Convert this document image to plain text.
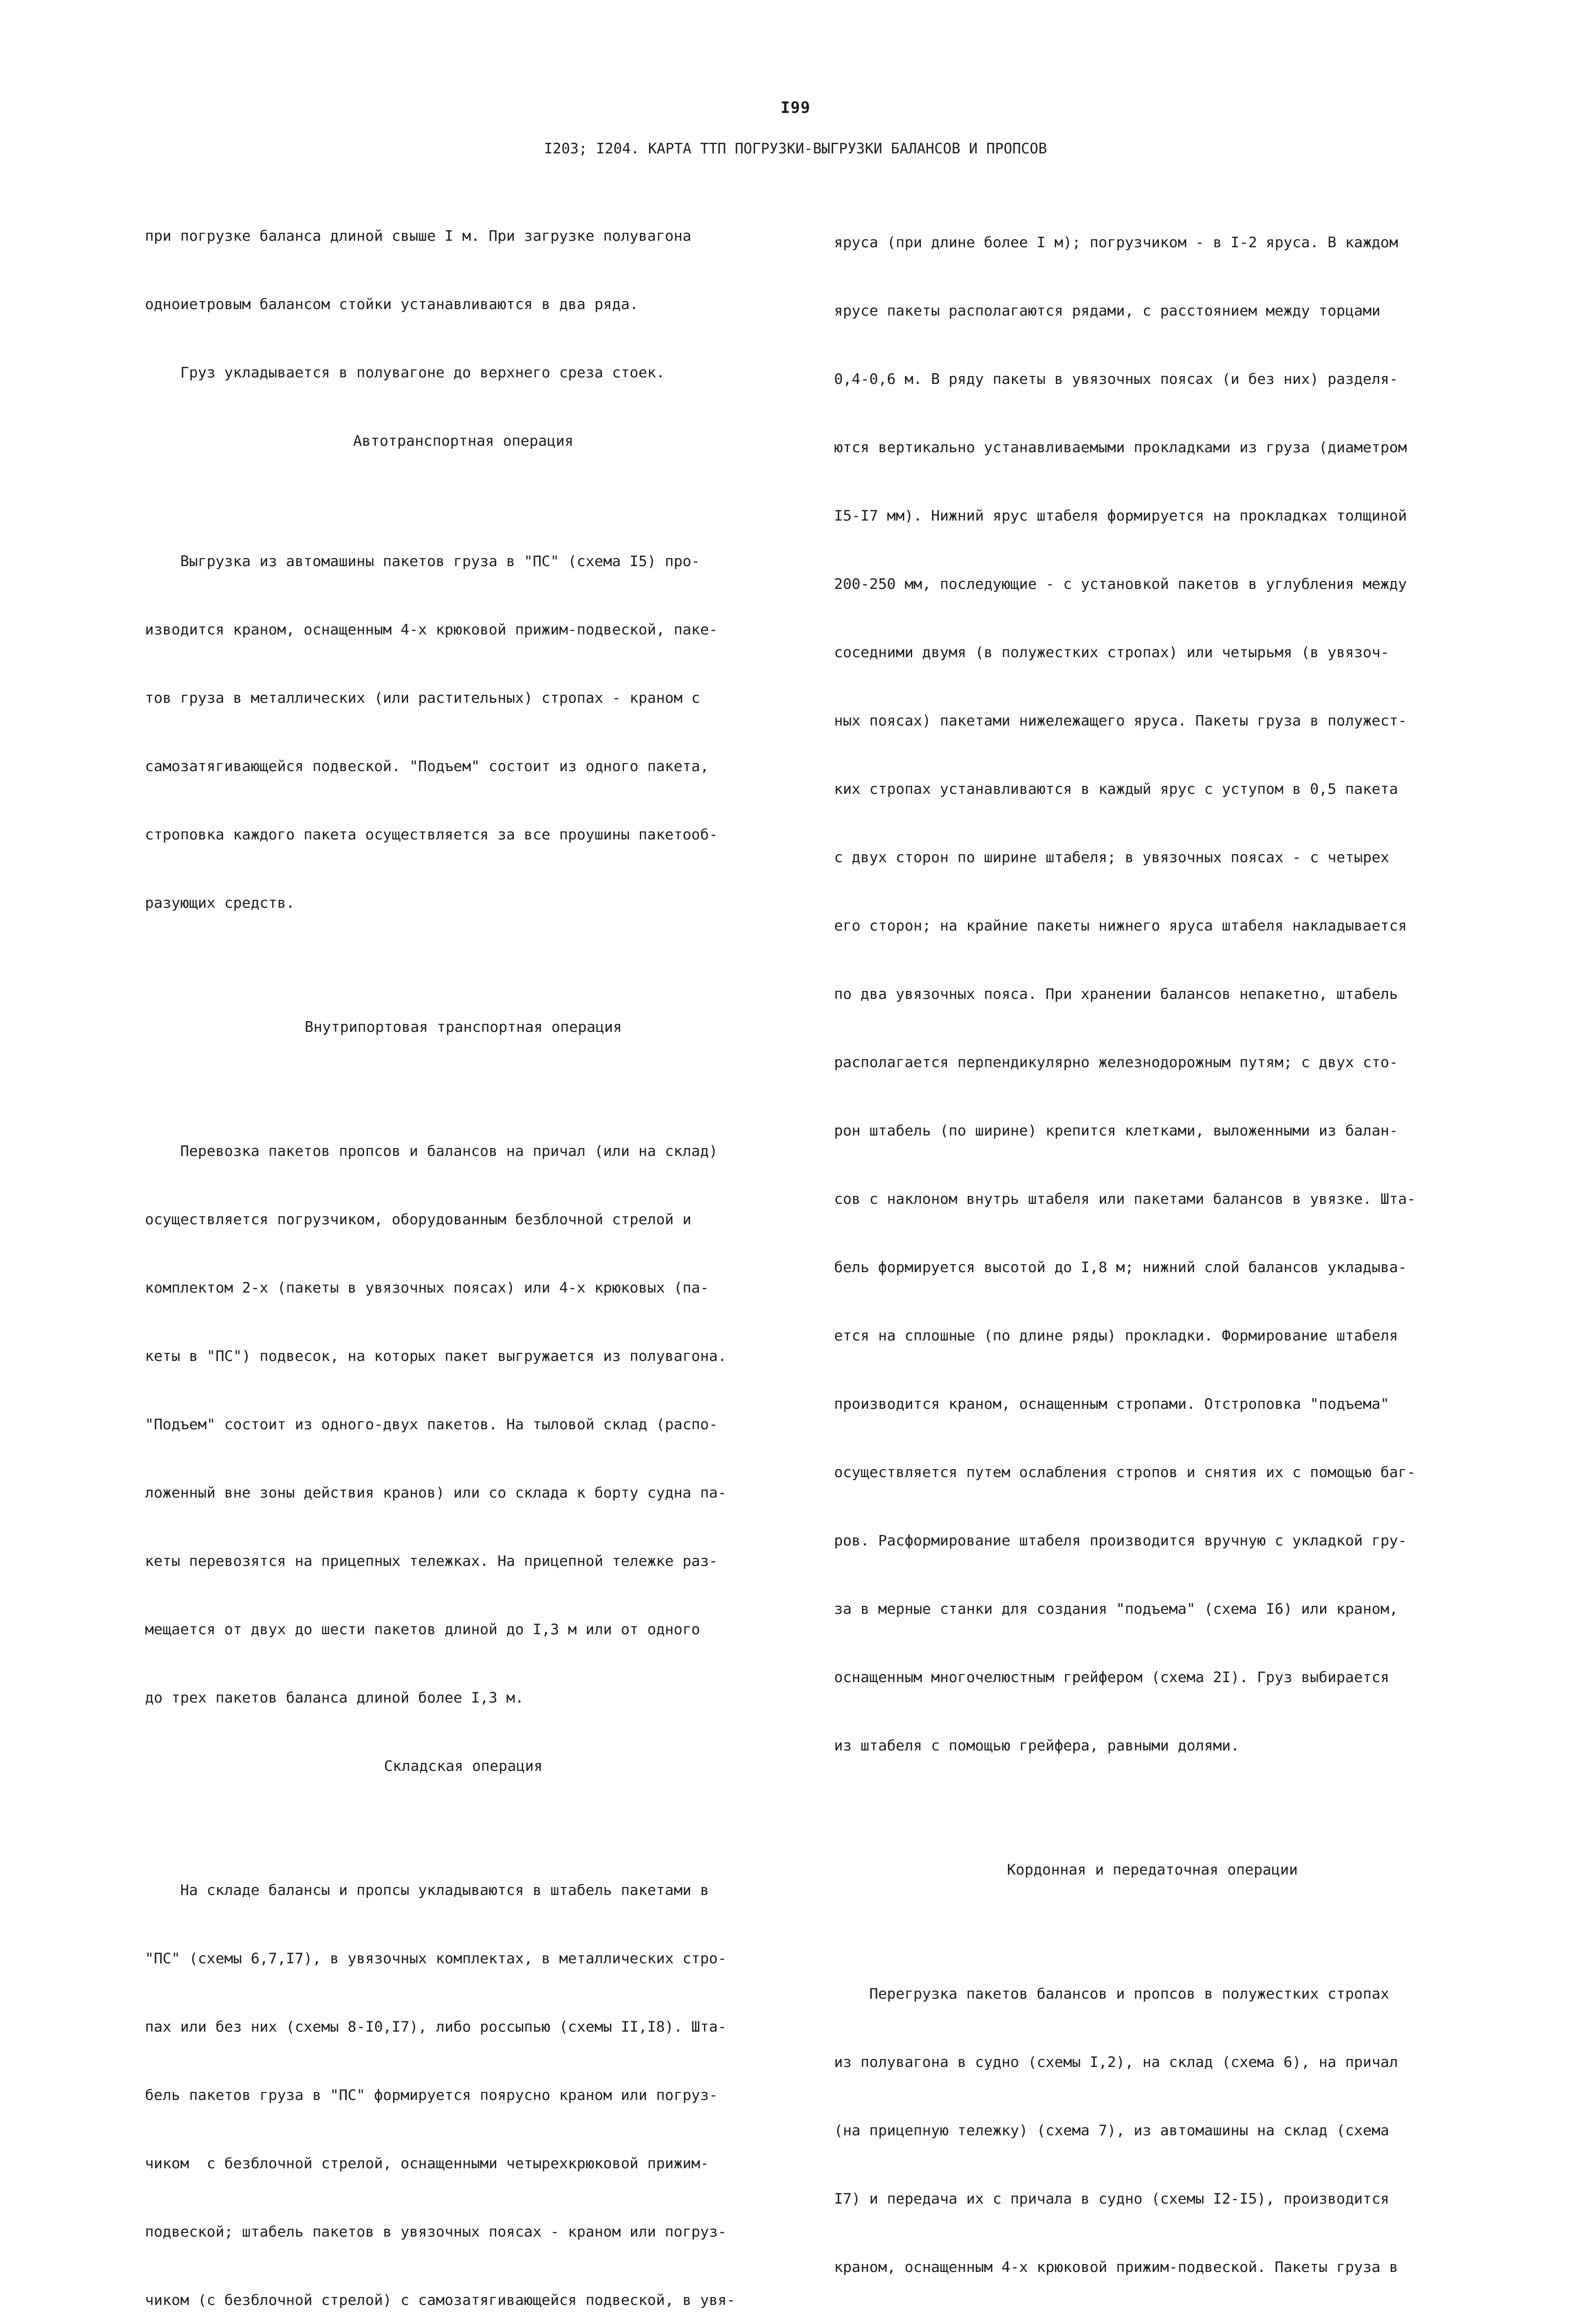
I99
I203; I204. КАРТА ТТП ПОГРУЗКИ-ВЫГРУЗКИ БАЛАНСОВ И ПРОПСОВ

при погрузке баланса длиной свыше I м. При загрузке полувагона

одноиетровым балансом стойки устанавливаются в два ряда.

Груз укладывается в полувагоне до верхнего среза стоек.

Автотранспортная операция

Выгрузка из автомашины пакетов груза в "ПС" (схема I5) про-

изводится краном, оснащенным 4-х крюковой прижим-подвеской, паке-

тов груза в металлических (или растительных) стропах - краном с

самозатягивающейся подвеской. "Подъем" состоит из одного пакета,

строповка каждого пакета осуществляется за все проушины пакетооб-

разующих средств.

Внутрипортовая транспортная операция

Перевозка пакетов пропсов и балансов на причал (или на склад)

осуществляется погрузчиком, оборудованным безблочной стрелой и

комплектом 2-х (пакеты в увязочных поясах) или 4-х крюковых (па-

кеты в "ПС") подвесок, на которых пакет выгружается из полувагона.

"Подъем" состоит из одного-двух пакетов. На тыловой склад (распо-

ложенный вне зоны действия кранов) или со склада к борту судна па-

кеты перевозятся на прицепных тележках. На прицепной тележке раз-

мещается от двух до шести пакетов длиной до I,3 м или от одного

до трех пакетов баланса длиной более I,3 м.

Складская операция

На складе балансы и пропсы укладываются в штабель пакетами в

"ПС" (схемы 6,7,I7), в увязочных комплектах, в металлических стро-

пах или без них (схемы 8-I0,I7), либо россыпью (схемы II,I8). Шта-

бель пакетов груза в "ПС" формируется поярусно краном или погруз-

чиком  с безблочной стрелой, оснащенными четырехкрюковой прижим-

подвеской; штабель пакетов в увязочных поясах - краном или погруз-

чиком (с безблочной стрелой) с самозатягивающейся подвеской, в увя-

яруса (при длине более I м); погрузчиком - в I-2 яруса. В каждом

ярусе пакеты располагаются рядами, с расстоянием между торцами

0,4-0,6 м. В ряду пакеты в увязочных поясах (и без них) разделя-

ются вертикально устанавливаемыми прокладками из груза (диаметром

I5-I7 мм). Нижний ярус штабеля формируется на прокладках толщиной

200-250 мм, последующие - с установкой пакетов в углубления между

соседними двумя (в полужестких стропах) или четырьмя (в увязоч-

ных поясах) пакетами нижележащего яруса. Пакеты груза в полужест-

ких стропах устанавливаются в каждый ярус с уступом в 0,5 пакета

с двух сторон по ширине штабеля; в увязочных поясах - с четырех

его сторон; на крайние пакеты нижнего яруса штабеля накладывается

по два увязочных пояса. При хранении балансов непакетно, штабель

располагается перпендикулярно железнодорожным путям; с двух сто-

рон штабель (по ширине) крепится клетками, выложенными из балан-

сов с наклоном внутрь штабеля или пакетами балансов в увязке. Шта-

бель формируется высотой до I,8 м; нижний слой балансов укладыва-

ется на сплошные (по длине ряды) прокладки. Формирование штабеля

производится краном, оснащенным стропами. Отстроповка "подъема"

осуществляется путем ослабления стропов и снятия их с помощью баг-

ров. Расформирование штабеля производится вручную с укладкой гру-

за в мерные станки для создания "подъема" (схема I6) или краном,

оснащенным многочелюстным грейфером (схема 2I). Груз выбирается

из штабеля с помощью грейфера, равными долями.

Кордонная и передаточная операции

Перегрузка пакетов балансов и пропсов в полужестких стропах

из полувагона в судно (схемы I,2), на склад (схема 6), на причал

(на прицепную тележку) (схема 7), из автомашины на склад (схема

I7) и передача их с причала в судно (схемы I2-I5), производится

краном, оснащенным 4-х крюковой прижим-подвеской. Пакеты груза в
